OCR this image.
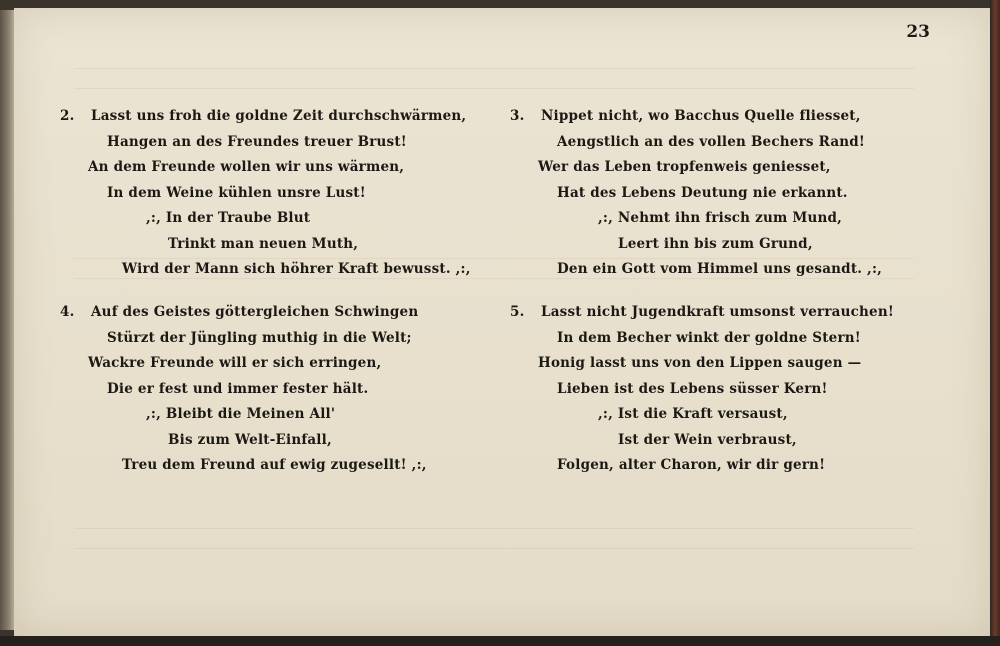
23
2. Lasst uns froh die goldne Zeit durchschwärmen,
Hangen an des Freundes treuer Brust!
An dem Freunde wollen wir uns wärmen,
In dem Weine kühlen unsre Lust!
,:, In der Traube Blut
Trinkt man neuen Muth,
Wird der Mann sich höhrer Kraft bewusst. ,:,
3. Nippet nicht, wo Bacchus Quelle fliesset,
Aengstlich an des vollen Bechers Rand!
Wer das Leben tropfenweis geniesset,
Hat des Lebens Deutung nie erkannt.
,:, Nehmt ihn frisch zum Mund,
Leert ihn bis zum Grund,
Den ein Gott vom Himmel uns gesandt. ,:,
4. Auf des Geistes göttergleichen Schwingen
Stürzt der Jüngling muthig in die Welt;
Wackre Freunde will er sich erringen,
Die er fest und immer fester hält.
,:, Bleibt die Meinen All'
Bis zum Welt-Einfall,
Treu dem Freund auf ewig zugesellt! ,:,
5. Lasst nicht Jugendkraft umsonst verrauchen!
In dem Becher winkt der goldne Stern!
Honig lasst uns von den Lippen saugen —
Lieben ist des Lebens süsser Kern!
,:, Ist die Kraft versaust,
Ist der Wein verbraust,
Folgen, alter Charon, wir dir gern!
